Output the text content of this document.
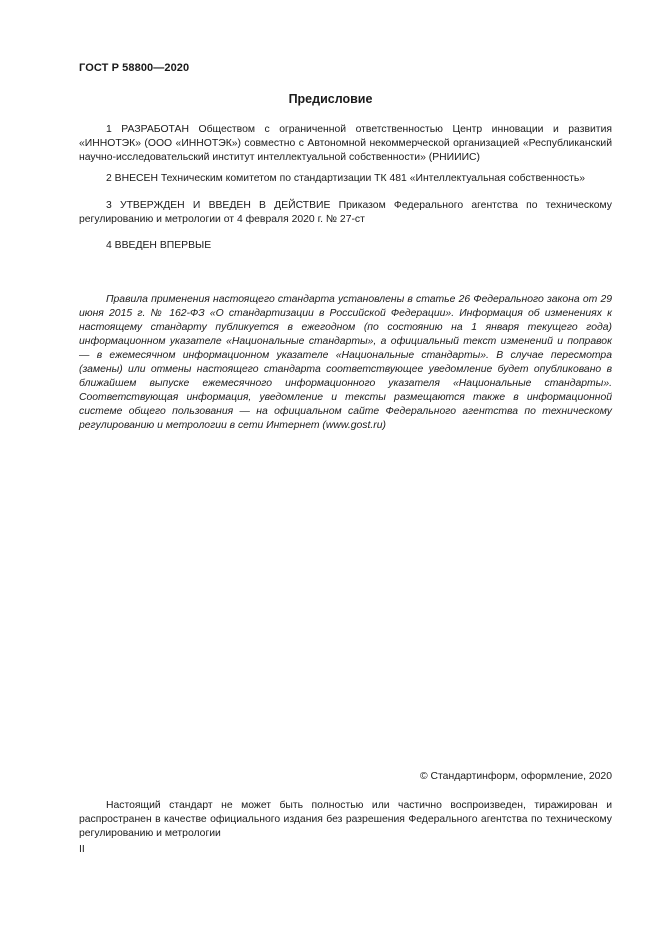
ГОСТ Р 58800—2020
Предисловие

1 РАЗРАБОТАН Обществом с ограниченной ответственностью Центр инновации и развития «ИННОТЭК» (ООО «ИННОТЭК») совместно с Автономной некоммерческой организацией «Республиканский научно-исследовательский институт интеллектуальной собственности» (РНИИИС)

2 ВНЕСЕН Техническим комитетом по стандартизации ТК 481 «Интеллектуальная собственность»

3 УТВЕРЖДЕН И ВВЕДЕН В ДЕЙСТВИЕ Приказом Федерального агентства по техническому регулированию и метрологии от 4 февраля 2020 г. № 27-ст

4 ВВЕДЕН ВПЕРВЫЕ

Правила применения настоящего стандарта установлены в статье 26 Федерального закона от 29 июня 2015 г. № 162-ФЗ «О стандартизации в Российской Федерации». Информация об изменениях к настоящему стандарту публикуется в ежегодном (по состоянию на 1 января текущего года) информационном указателе «Национальные стандарты», а официальный текст изменений и поправок — в ежемесячном информационном указателе «Национальные стандарты». В случае пересмотра (замены) или отмены настоящего стандарта соответствующее уведомление будет опубликовано в ближайшем выпуске ежемесячного информационного указателя «Национальные стандарты». Соответствующая информация, уведомление и тексты размещаются также в информационной системе общего пользования — на официальном сайте Федерального агентства по техническому регулированию и метрологии в сети Интернет (www.gost.ru)

© Стандартинформ, оформление, 2020

Настоящий стандарт не может быть полностью или частично воспроизведен, тиражирован и распространен в качестве официального издания без разрешения Федерального агентства по техническому регулированию и метрологии

II
